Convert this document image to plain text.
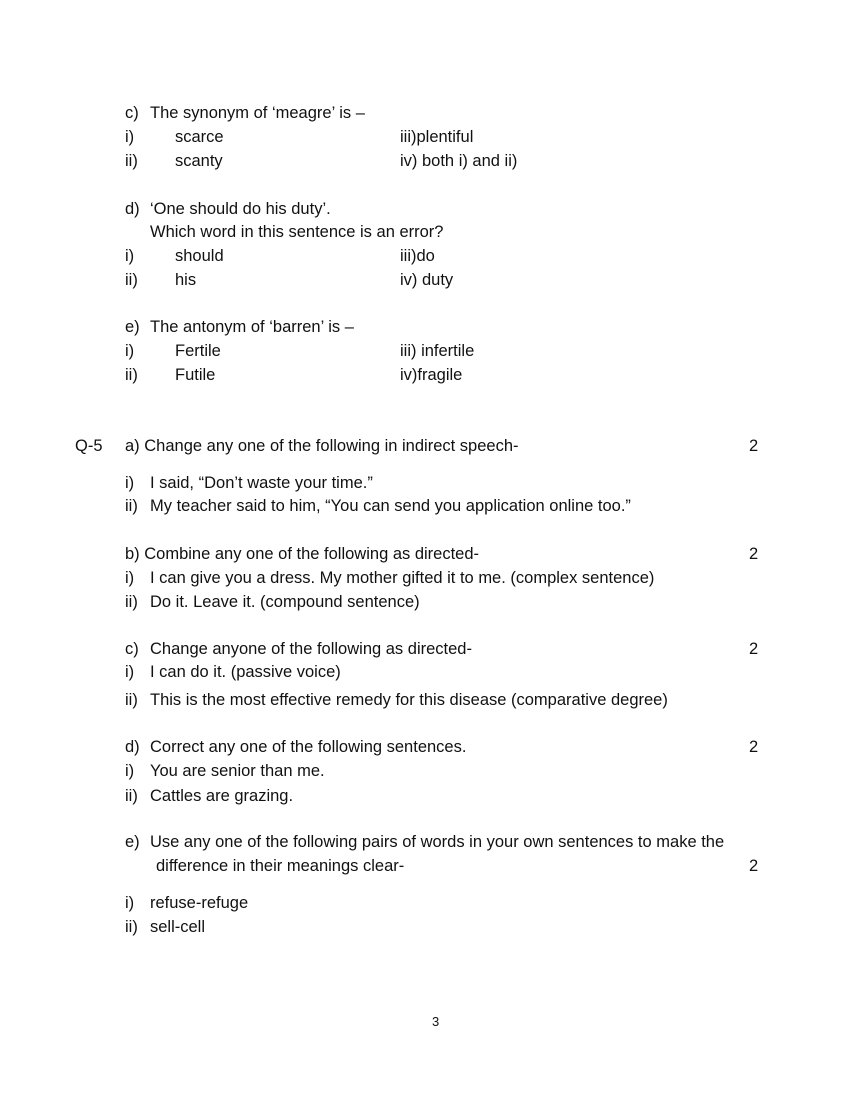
c) The synonym of ‘meagre’ is –
i) scarce	iii)plentiful
ii) scanty	iv) both i) and ii)
d) ‘One should do his duty’.
Which word in this sentence is an error?
i) should	iii)do
ii) his	iv) duty
e) The antonym of ‘barren’ is –
i) Fertile	iii) infertile
ii) Futile	iv)fragile
Q-5 a) Change any one of the following in indirect speech-	2
i) I said, “Don’t waste your time.”
ii) My teacher said to him, “You can send you application online too.”
b) Combine any one of the following as directed-	2
i) I can give you a dress. My mother gifted it to me. (complex sentence)
ii) Do it. Leave it. (compound sentence)
c) Change anyone of the following as directed-	2
i) I can do it. (passive voice)
ii) This is the most effective remedy for this disease (comparative degree)
d) Correct any one of the following sentences.	2
i) You are senior than me.
ii) Cattles are grazing.
e) Use any one of the following pairs of words in your own sentences to make the
difference in their meanings clear-	2
i) refuse-refuge
ii) sell-cell
3
